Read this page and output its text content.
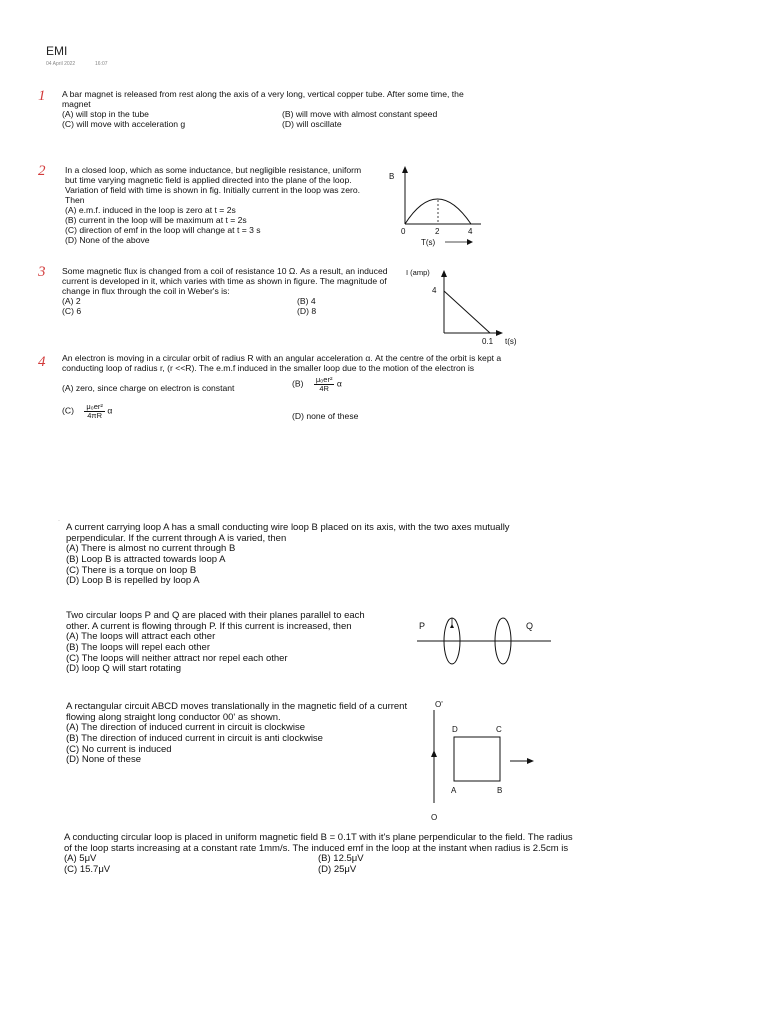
EMI
04 April 2022	16:07
1 A bar magnet is released from rest along the axis of a very long, vertical copper tube. After some time, the magnet
(A) will stop in the tube	(B) will move with almost constant speed
(C) will move with acceleration g	(D) will oscillate
2 In a closed loop, which as some inductance, but negligible resistance, uniform but time varying magnetic field is applied directed into the plane of the loop. Variation of field with time is shown in fig. Initially current in the loop was zero. Then
(A) e.m.f. induced in the loop is zero at t = 2s
(B) current in the loop will be maximum at t = 2s
(C) direction of emf in the loop will change at t = 3 s
(D) None of the above
B
0	2	4
T(s)
3 Some magnetic flux is changed from a coil of resistance 10 Ω. As a result, an induced current is developed in it, which varies with time as shown in figure. The magnitude of change in flux through the coil in Weber's is:
(A) 2	(B) 4
(C) 6	(D) 8
I (amp)
4
0.1 t(s)
4 An electron is moving in a circular orbit of radius R with an angular acceleration α. At the centre of the orbit is kept a conducting loop of radius r, (r <<R). The e.m.f induced in the smaller loop due to the motion of the electron is
(A) zero, since charge on electron is constant	$(B) \frac{\text{μ₀er²}}{4R}$ α
$(C) \frac{\text{μ₀er²}}{4\pi R}$ α
(D) none of these
·
A current carrying loop A has a small conducting wire loop B placed on its axis, with the two axes mutually perpendicular. If the current through A is varied, then
(A) There is almost no current through B
(B) Loop B is attracted towards loop A
(C) There is a torque on loop B
(D) Loop B is repelled by loop A
Two circular loops P and Q are placed with their planes parallel to each other. A current is flowing through P. If this current is increased, then
(A) The loops will attract each other
(B) The loops will repel each other
(C) The loops will neither attract nor repel each other
(D) loop Q will start rotating
P	Q
A rectangular circuit ABCD moves translationally in the magnetic field of a current flowing along straight long conductor 00' as shown.
(A) The direction of induced current in circuit is clockwise
(B) The direction of induced current in circuit is anti clockwise
(C) No current is induced
(D) None of these
O'
O
D	C
A	B
A conducting circular loop is placed in uniform magnetic field B = 0.1T with it's plane perpendicular to the field. The radius of the loop starts increasing at a constant rate 1mm/s. The induced emf in the loop at the instant when radius is 2.5cm is
(A) 5μV	(B) 12.5μV
(C) 15.7μV	(D) 25μV
